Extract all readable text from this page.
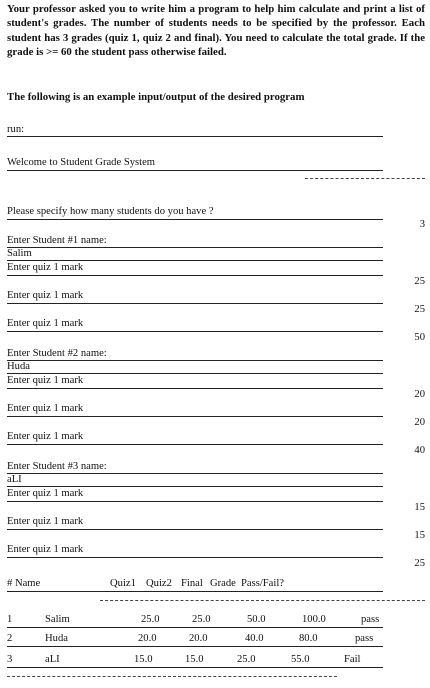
Your professor asked you to write him a program to help him calculate and print a list of student's grades. The number of students needs to be specified by the professor. Each student has 3 grades (quiz 1, quiz 2 and final). You need to calculate the total grade. If the grade is >= 60 the student pass otherwise failed.
The following is an example input/output of the desired program
run:
Welcome to Student Grade System
Please specify how many students do you have ?
3
Enter Student #1 name:
Salim
Enter quiz 1 mark
25
Enter quiz 1 mark
25
Enter quiz 1 mark
50
Enter Student #2 name:
Huda
Enter quiz 1 mark
20
Enter quiz 1 mark
20
Enter quiz 1 mark
40
Enter Student #3 name:
aLI
Enter quiz 1 mark
15
Enter quiz 1 mark
15
Enter quiz 1 mark
25
# Name	Quiz1 Quiz2 Final Grade Pass/Fail?
1	Salim	25.0	25.0	50.0	100.0	pass
2	Huda	20.0	20.0	40.0	80.0	pass
3	aLI	15.0	15.0	25.0	55.0	Fail
